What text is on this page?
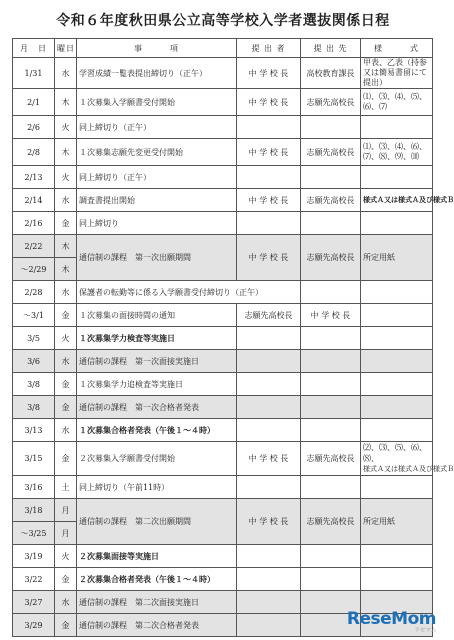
令和６年度秋田県公立高等学校入学者選抜関係日程
月　日	曜日	事　　　項	提 出 者	提 出 先	様　　　式
1/31	水	学習成績一覧表提出締切り（正午）	中 学 校 長	高校教育課長	甲表、乙表（持参又は簡易書留にて提出）
2/1	木	１次募集入学願書受付開始	中 学 校 長	志願先高校長	⑴、⑶、⑷、⑸、⑹、⑺
2/6	火	同上締切り（正午）			
2/8	木	１次募集志願先変更受付開始	中 学 校 長	志願先高校長	⑴、⑶、⑷、⑹、⑺、⑻、⑼、⑽
2/13	火	同上締切り（正午）			
2/14	水	調査書提出開始	中 学 校 長	志願先高校長	様式Ａ又は様式Ａ及び様式Ｂ
2/16	金	同上締切り			
2/22	木	通信制の課程　第一次出願期間	中 学 校 長	志願先高校長	所定用紙
～2/29	木				
2/28	水	保護者の転勤等に係る入学願書受付締切り（正午）			
～3/1	金	１次募集の面接時間の通知	志願先高校長	中 学 校 長	
3/5	火	１次募集学力検査等実施日			
3/6	水	通信制の課程　第一次面接実施日			
3/8	金	１次募集学力追検査等実施日			
3/8	金	通信制の課程　第一次合格者発表			
3/13	水	１次募集合格者発表（午後１～４時）			
3/15	金	２次募集入学願書受付開始	中 学 校 長	志願先高校長	⑵、⑶、⑸、⑹、⑻、
様式Ａ又は様式Ａ及び様式Ｂ

3/16	土	同上締切り（午前11時）			
3/18	月	通信制の課程　第二次出願期間	中 学 校 長	志願先高校長	所定用紙
～3/25	月				
3/19	火	２次募集面接等実施日			
3/22	金	２次募集合格者発表（午後１～４時）			
3/27	水	通信制の課程　第二次面接実施日			
3/29	金	通信制の課程　第二次合格者発表				ReseMom
リセマム
